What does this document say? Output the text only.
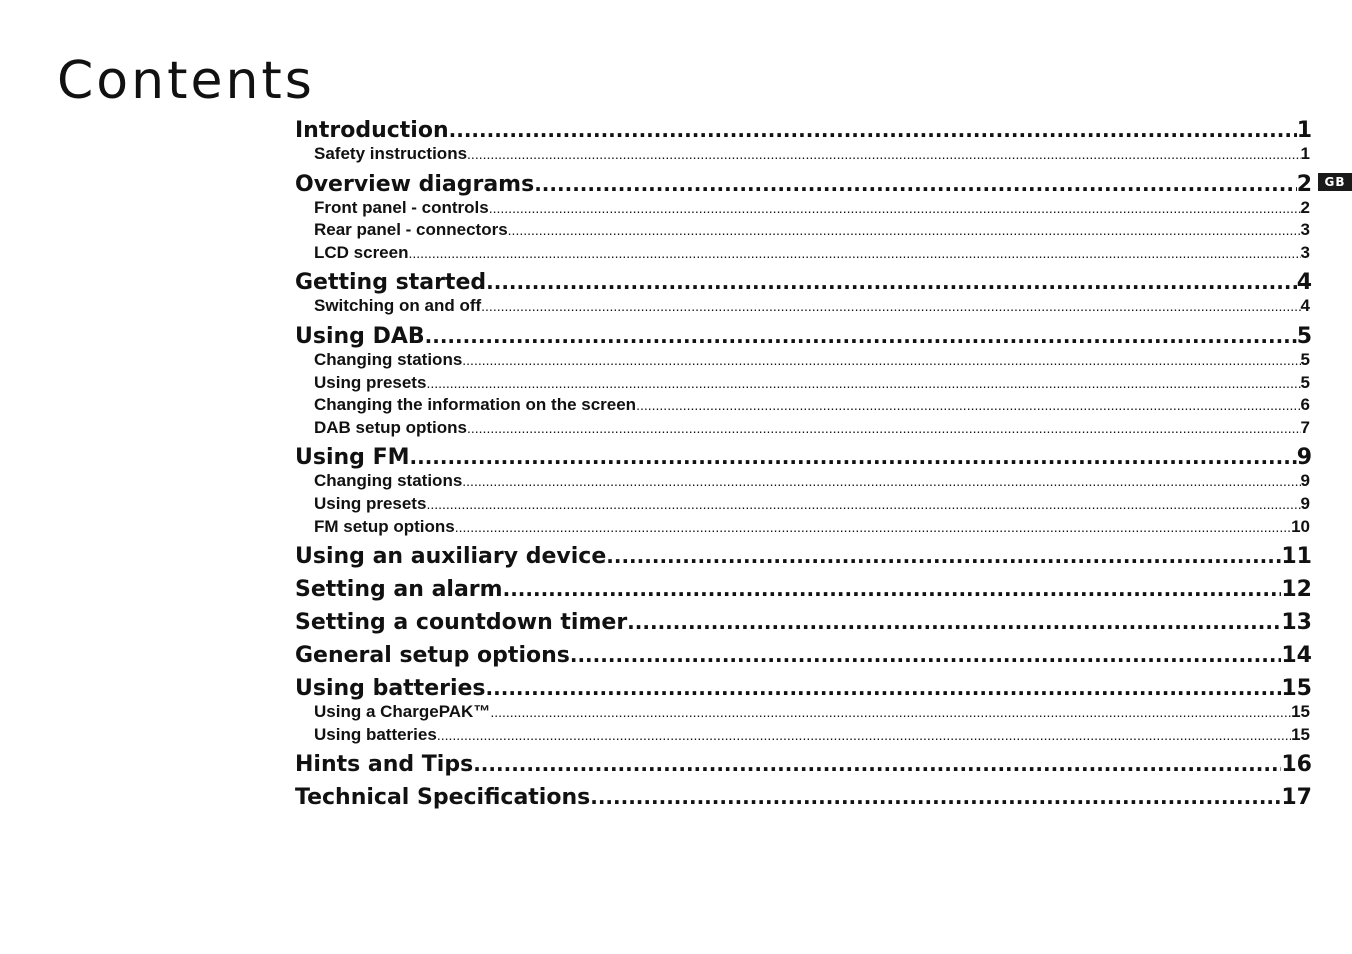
Contents
GB
Introduction .....	1
Safety instructions .....	1
Overview diagrams .....	2
Front panel - controls .....	2
Rear panel - connectors .....	3
LCD screen .....	3
Getting started .....	4
Switching on and off .....	4
Using DAB .....	5
Changing stations .....	5
Using presets .....	5
Changing the information on the screen .....	6
DAB setup options .....	7
Using FM .....	9
Changing stations .....	9
Using presets .....	9
FM setup options .....	10
Using an auxiliary device .....	11
Setting an alarm .....	12
Setting a countdown timer .....	13
General setup options .....	14
Using batteries .....	15
Using a ChargePAK™ .....	15
Using batteries .....	15
Hints and Tips .....	16
Technical Specifications .....	17
